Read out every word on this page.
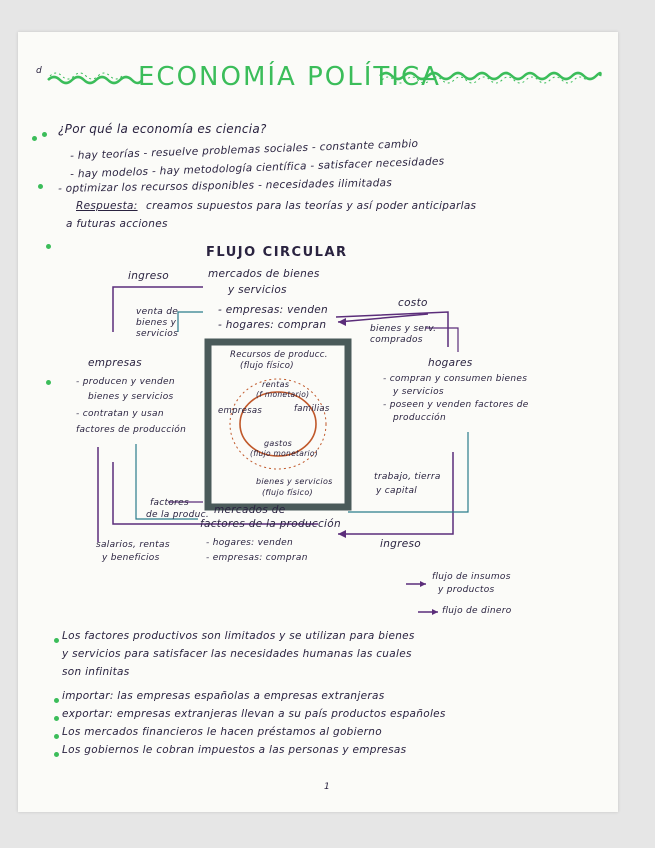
d	ECONOMÍA POLÍTICA
¿Por qué la economía es ciencia?
- hay teorías - resuelve problemas sociales - constante cambio
- hay modelos - hay metodología científica - satisfacer necesidades
- optimizar los recursos disponibles - necesidades ilimitadas
Respuesta: creamos supuestos para las teorías y así poder anticiparlas
a futuras acciones
FLUJO CIRCULAR
ingreso	mercados de bienes
y servicios
- empresas: venden
- hogares: compran
venta de
bienes y
servicios
costo
bienes y serv.
comprados
empresas
- producen y venden
bienes y servicios
- contratan y usan
factores de producción
hogares
- compran y consumen bienes
y servicios
- poseen y venden factores de
producción
Recursos de producc.
(flujo físico)
rentas
(f monetario)
empresas	familias
gastos
(flujo monetario)
bienes y servicios
(flujo físico)
trabajo, tierra
y capital
factores
de la produc. mercados de
factores de la producción
ingreso
salarios, rentas
y beneficios
- hogares: venden
- empresas: compran
flujo de insumos
y productos
flujo de dinero
Los factores productivos son limitados y se utilizan para bienes
y servicios para satisfacer las necesidades humanas las cuales
son infinitas
importar: las empresas españolas a empresas extranjeras
exportar: empresas extranjeras llevan a su país productos españoles
Los mercados financieros le hacen préstamos al gobierno
Los gobiernos le cobran impuestos a las personas y empresas
1
